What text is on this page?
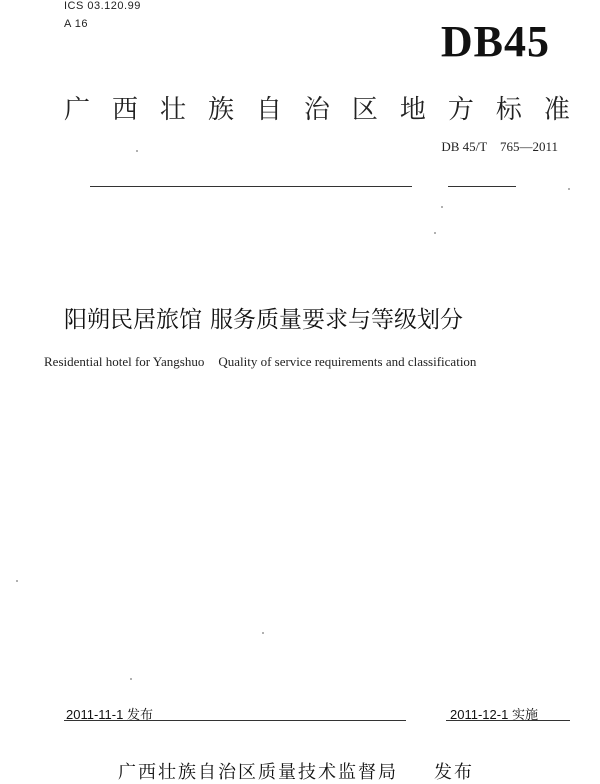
ICS 03.120.99
A 16	DB45
广 西 壮 族 自 治 区 地 方 标 准
DB 45/T　765—2011
阳朔民居旅馆 服务质量要求与等级划分
Residential hotel for Yangshuo Quality of service requirements and classification
2011-11-1 发布	2011-12-1 实施
广西壮族自治区质量技术监督局 发布
